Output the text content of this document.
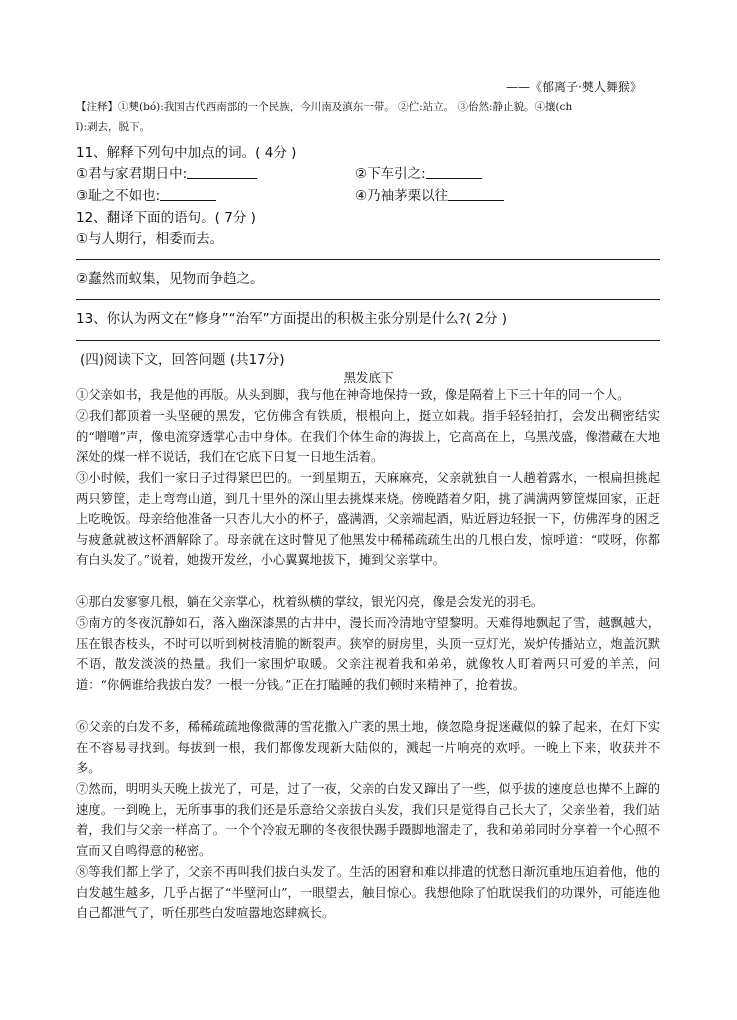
——《郁离子·僰人舞猴》
【注释】①僰(bó):我国古代西南部的一个民族，今川南及滇东一带。 ②伫:站立。 ③佁然:静止貌。④攘(ch
ī):剥去，脱下。
11、解释下列句中加点的词。( 4分 )
①君与家君期日中:	②下车引之:
③耻之不如也:	④乃袖茅栗以往
12、翻译下面的语句。( 7分 )
①与人期行，相委而去。
②蠢然而蚁集，见物而争趋之。
13、你认为两文在“修身”“治军”方面提出的积极主张分别是什么?( 2分 )
(四)阅读下文，回答问题 (共17分)
黑发底下
①父亲如书，我是他的再版。从头到脚，我与他在神奇地保持一致，像是隔着上下三十年的同一个人。
②我们都顶着一头坚硬的黑发，它仿佛含有铁质，根根向上，挺立如栽。指手轻轻拍打，会发出稠密结实的“噌噌”声，像电流穿透掌心击中身体。在我们个体生命的海拔上，它高高在上，乌黑茂盛，像潜藏在大地深处的煤一样不说话，我们在它底下日复一日地生活着。
③小时候，我们一家日子过得紧巴巴的。一到星期五，天麻麻亮，父亲就独自一人趟着露水，一根扁担挑起两只箩筐，走上弯弯山道，到几十里外的深山里去挑煤来烧。傍晚踏着夕阳，挑了满满两箩筐煤回家，正赶上吃晚饭。母亲给他准备一只杏儿大小的杯子，盛满酒，父亲端起酒，贴近唇边轻抿一下，仿佛浑身的困乏与疲惫就被这杯酒解除了。母亲就在这时瞥见了他黑发中稀稀疏疏生出的几根白发，惊呼道：“哎呀，你都有白头发了。”说着，她拨开发丝，小心翼翼地拔下，摊到父亲掌中。
④那白发寥寥几根，躺在父亲掌心，枕着纵横的掌纹，银光闪亮，像是会发光的羽毛。
⑤南方的冬夜沉静如石，落入幽深漆黑的古井中，漫长而冷清地守望黎明。天难得地飘起了雪，越飘越大，压在银杏枝头，不时可以听到树枝清脆的断裂声。狭窄的厨房里，头顶一豆灯光，炭炉传播站立，炮盖沉默不语，散发淡淡的热量。我们一家围炉取暖。父亲注视着我和弟弟，就像牧人盯着两只可爱的羊羔，问道：“你俩谁给我拔白发？一根一分钱。”正在打瞌睡的我们顿时来精神了，抢着拔。
⑥父亲的白发不多，稀稀疏疏地像微薄的雪花撒入广袤的黑土地，倏忽隐身捉迷藏似的躲了起来，在灯下实在不容易寻找到。每拔到一根，我们都像发现新大陆似的，溅起一片响亮的欢呼。一晚上下来，收获并不多。
⑦然而，明明头天晚上拔光了，可是，过了一夜，父亲的白发又蹿出了一些，似乎拔的速度总也撵不上蹿的速度。一到晚上，无所事事的我们还是乐意给父亲拔白头发，我们只是觉得自己长大了，父亲坐着，我们站着，我们与父亲一样高了。一个个冷寂无聊的冬夜很快踢手蹑脚地溜走了，我和弟弟同时分享着一个心照不宣而又自鸣得意的秘密。
⑧等我们都上学了，父亲不再叫我们拔白头发了。生活的困窘和难以排遣的忧愁日渐沉重地压迫着他，他的白发越生越多，几乎占据了“半壁河山”，一眼望去，触目惊心。我想他除了怕耽误我们的功课外，可能连他自己都泄气了，听任那些白发喧嚣地恣肆疯长。
